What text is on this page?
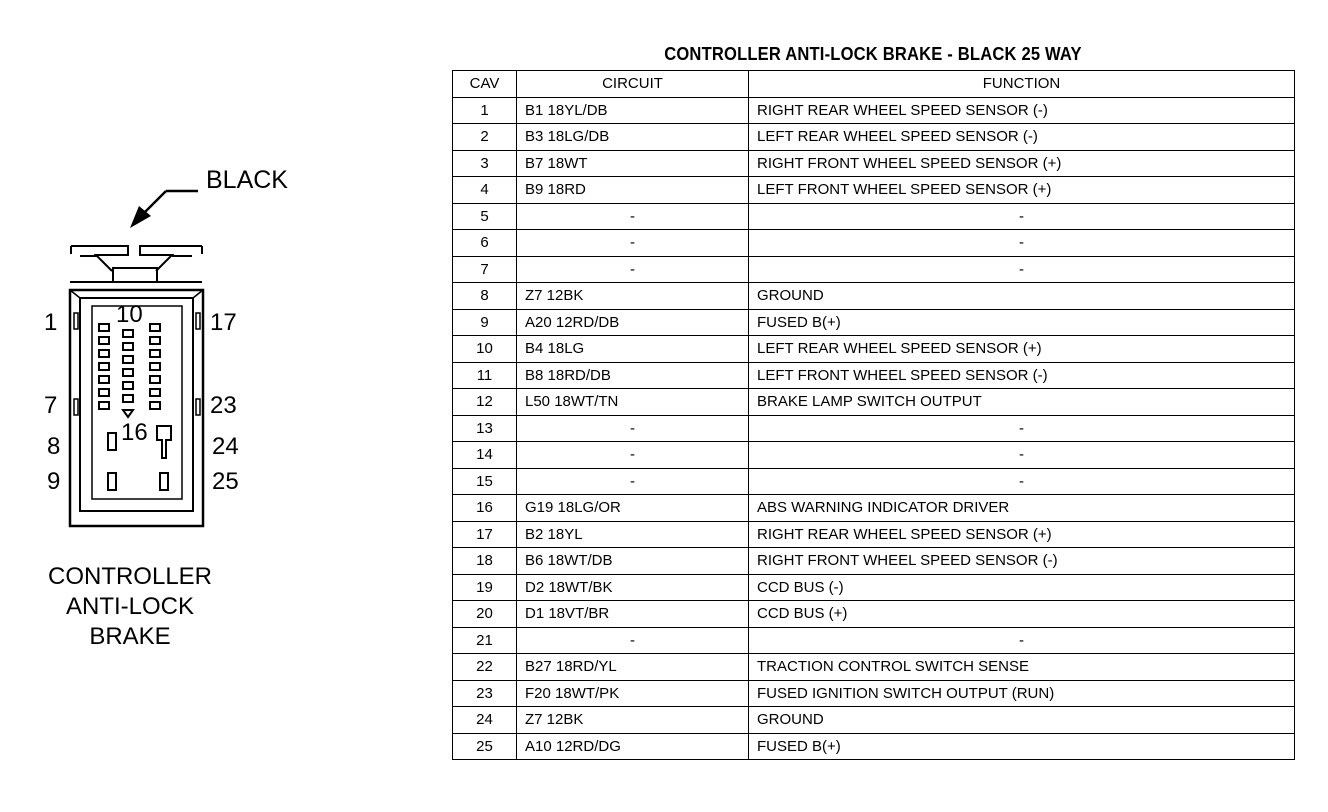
BLACK
1
7
8
9
10
16
17
23
24
25
CONTROLLER
ANTI-LOCK
BRAKE
CONTROLLER ANTI-LOCK BRAKE - BLACK 25 WAY
CAV	CIRCUIT	FUNCTION
1	B1 18YL/DB	RIGHT REAR WHEEL SPEED SENSOR (-)
2	B3 18LG/DB	LEFT REAR WHEEL SPEED SENSOR (-)
3	B7 18WT	RIGHT FRONT WHEEL SPEED SENSOR (+)
4	B9 18RD	LEFT FRONT WHEEL SPEED SENSOR (+)
5	-	-
6	-	-
7	-	-
8	Z7 12BK	GROUND
9	A20 12RD/DB	FUSED B(+)
10	B4 18LG	LEFT REAR WHEEL SPEED SENSOR (+)
11	B8 18RD/DB	LEFT FRONT WHEEL SPEED SENSOR (-)
12	L50 18WT/TN	BRAKE LAMP SWITCH OUTPUT
13	-	-
14	-	-
15	-	-
16	G19 18LG/OR	ABS WARNING INDICATOR DRIVER
17	B2 18YL	RIGHT REAR WHEEL SPEED SENSOR (+)
18	B6 18WT/DB	RIGHT FRONT WHEEL SPEED SENSOR (-)
19	D2 18WT/BK	CCD BUS (-)
20	D1 18VT/BR	CCD BUS (+)
21	-	-
22	B27 18RD/YL	TRACTION CONTROL SWITCH SENSE
23	F20 18WT/PK	FUSED IGNITION SWITCH OUTPUT (RUN)
24	Z7 12BK	GROUND
25	A10 12RD/DG	FUSED B(+)
